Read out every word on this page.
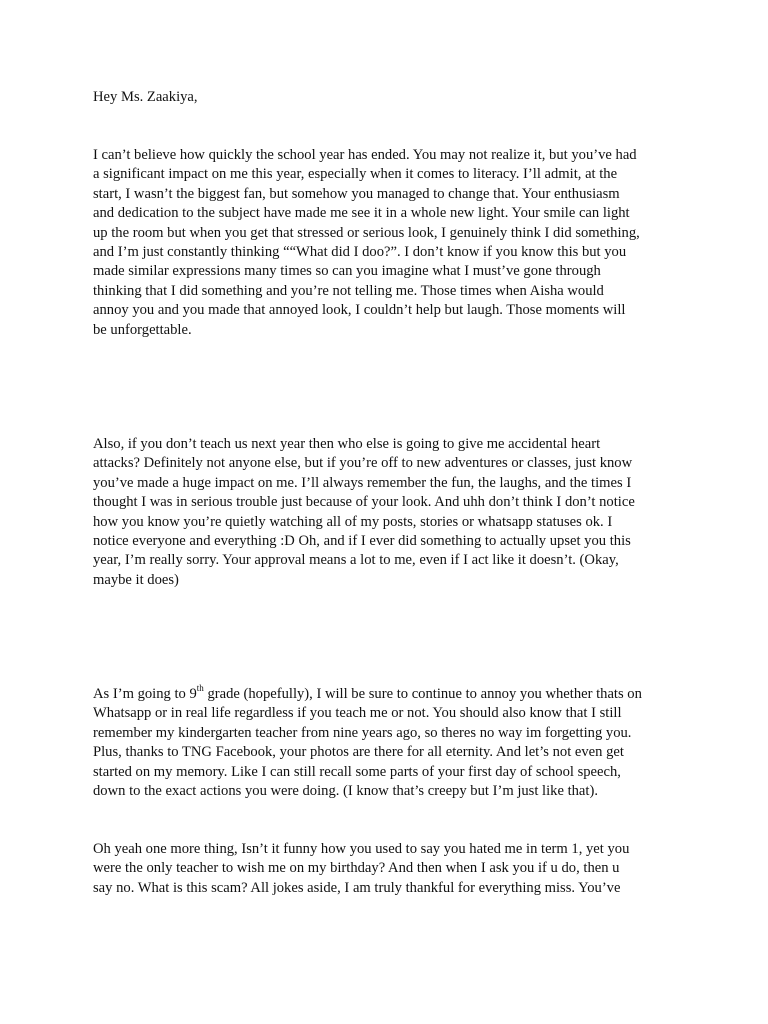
Hey Ms. Zaakiya,

I can’t believe how quickly the school year has ended. You may not realize it, but you’ve had
a significant impact on me this year, especially when it comes to literacy. I’ll admit, at the
start, I wasn’t the biggest fan, but somehow you managed to change that. Your enthusiasm
and dedication to the subject have made me see it in a whole new light. Your smile can light
up the room but when you get that stressed or serious look, I genuinely think I did something,
and I’m just constantly thinking ““What did I doo?”. I don’t know if you know this but you
made similar expressions many times so can you imagine what I must’ve gone through
thinking that I did something and you’re not telling me. Those times when Aisha would
annoy you and you made that annoyed look, I couldn’t help but laugh. Those moments will
be unforgettable.

Also, if you don’t teach us next year then who else is going to give me accidental heart
attacks? Definitely not anyone else, but if you’re off to new adventures or classes, just know
you’ve made a huge impact on me. I’ll always remember the fun, the laughs, and the times I
thought I was in serious trouble just because of your look. And uhh don’t think I don’t notice
how you know you’re quietly watching all of my posts, stories or whatsapp statuses ok. I
notice everyone and everything :D Oh, and if I ever did something to actually upset you this
year, I’m really sorry. Your approval means a lot to me, even if I act like it doesn’t. (Okay,
maybe it does)

As I’m going to 9th grade (hopefully), I will be sure to continue to annoy you whether thats on
Whatsapp or in real life regardless if you teach me or not. You should also know that I still
remember my kindergarten teacher from nine years ago, so theres no way im forgetting you.
Plus, thanks to TNG Facebook, your photos are there for all eternity. And let’s not even get
started on my memory. Like I can still recall some parts of your first day of school speech,
down to the exact actions you were doing. (I know that’s creepy but I’m just like that).

Oh yeah one more thing, Isn’t it funny how you used to say you hated me in term 1, yet you
were the only teacher to wish me on my birthday? And then when I ask you if u do, then u
say no. What is this scam? All jokes aside, I am truly thankful for everything miss. You’ve
